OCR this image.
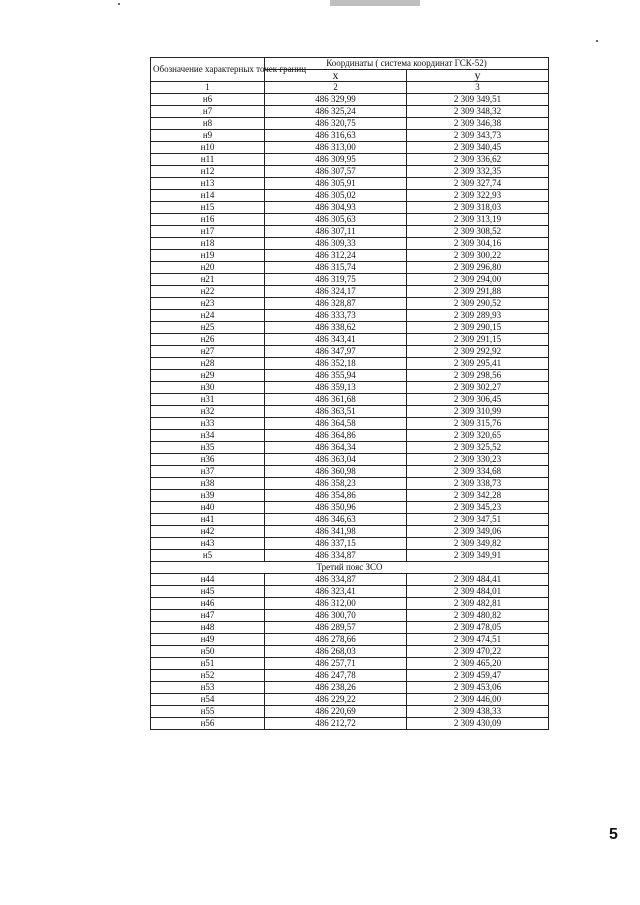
Обозначение характерных точек границ	Координаты ( система координат ГСК-52)	
	x	y
1	2	3
н6	486 329,99	2 309 349,51
н7	486 325,24	2 309 348,32
н8	486 320,75	2 309 346,38
н9	486 316,63	2 309 343,73
н10	486 313,00	2 309 340,45
н11	486 309,95	2 309 336,62
н12	486 307,57	2 309 332,35
н13	486 305,91	2 309 327,74
н14	486 305,02	2 309 322,93
н15	486 304,93	2 309 318,03
н16	486 305,63	2 309 313,19
н17	486 307,11	2 309 308,52
н18	486 309,33	2 309 304,16
н19	486 312,24	2 309 300,22
н20	486 315,74	2 309 296,80
н21	486 319,75	2 309 294,00
н22	486 324,17	2 309 291,88
н23	486 328,87	2 309 290,52
н24	486 333,73	2 309 289,93
н25	486 338,62	2 309 290,15
н26	486 343,41	2 309 291,15
н27	486 347,97	2 309 292,92
н28	486 352,18	2 309 295,41
н29	486 355,94	2 309 298,56
н30	486 359,13	2 309 302,27
н31	486 361,68	2 309 306,45
н32	486 363,51	2 309 310,99
н33	486 364,58	2 309 315,76
н34	486 364,86	2 309 320,65
н35	486 364,34	2 309 325,52
н36	486 363,04	2 309 330,23
н37	486 360,98	2 309 334,68
н38	486 358,23	2 309 338,73
н39	486 354,86	2 309 342,28
н40	486 350,96	2 309 345,23
н41	486 346,63	2 309 347,51
н42	486 341,98	2 309 349,06
н43	486 337,15	2 309 349,82
н5	486 334,87	2 309 349,91
Третий пояс ЗСО		
н44	486 334,87	2 309 484,41
н45	486 323,41	2 309 484,01
н46	486 312,00	2 309 482,81
н47	486 300,70	2 309 480,82
н48	486 289,57	2 309 478,05
н49	486 278,66	2 309 474,51
н50	486 268,03	2 309 470,22
н51	486 257,71	2 309 465,20
н52	486 247,78	2 309 459,47
н53	486 238,26	2 309 453,06
н54	486 229,22	2 309 446,00
н55	486 220,69	2 309 438,33
н56	486 212,72	2 309 430,09
5
